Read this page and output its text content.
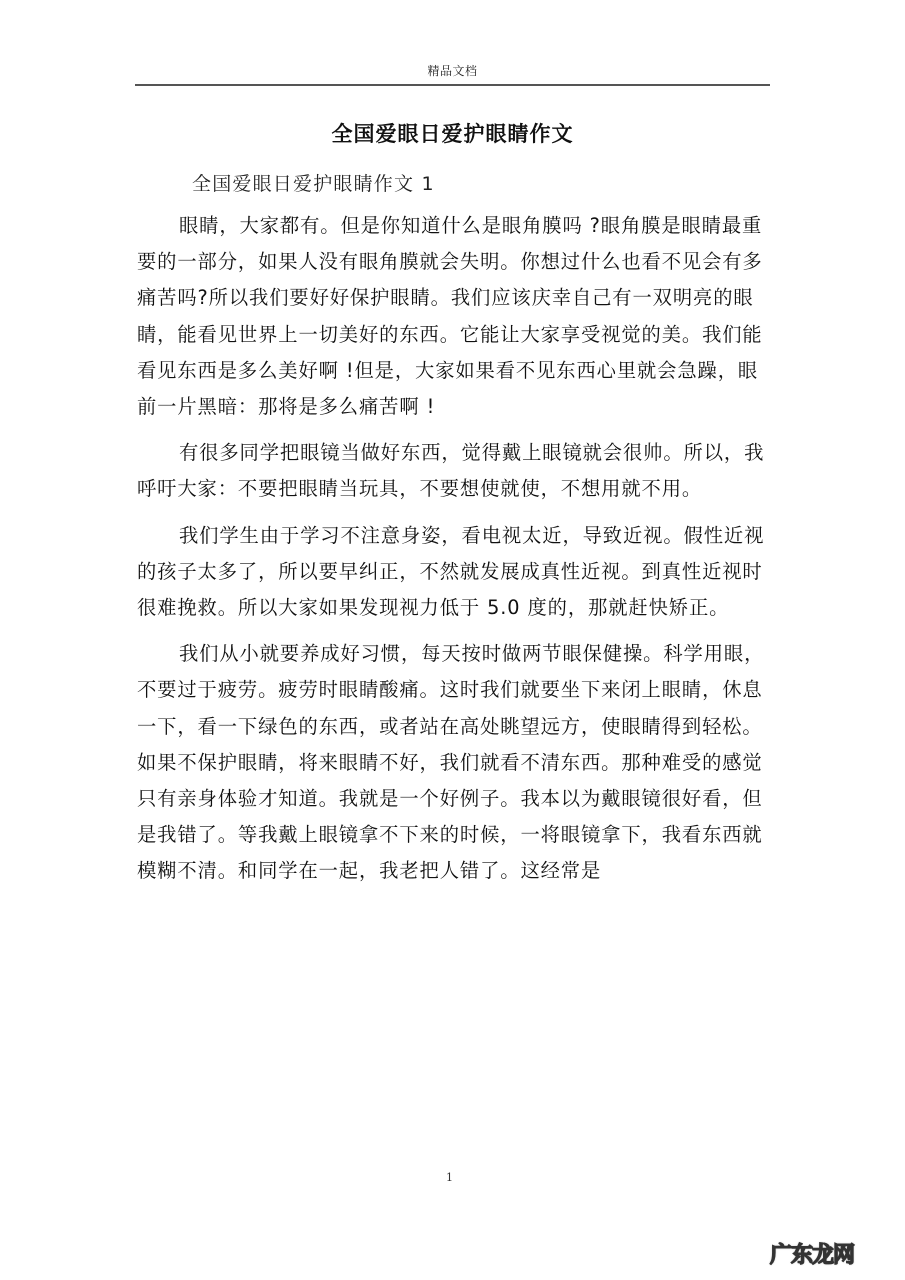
精品文档
全国爱眼日爱护眼睛作文
全国爱眼日爱护眼睛作文 1

眼睛，大家都有。但是你知道什么是眼角膜吗 ?眼角膜是眼睛最重要的一部分，如果人没有眼角膜就会失明。你想过什么也看不见会有多痛苦吗?所以我们要好好保护眼睛。我们应该庆幸自己有一双明亮的眼睛，能看见世界上一切美好的东西。它能让大家享受视觉的美。我们能看见东西是多么美好啊 !但是，大家如果看不见东西心里就会急躁，眼前一片黑暗：那将是多么痛苦啊 !

有很多同学把眼镜当做好东西，觉得戴上眼镜就会很帅。所以，我呼吁大家：不要把眼睛当玩具，不要想使就使，不想用就不用。

我们学生由于学习不注意身姿，看电视太近，导致近视。假性近视的孩子太多了，所以要早纠正，不然就发展成真性近视。到真性近视时很难挽救。所以大家如果发现视力低于 5.0 度的，那就赶快矫正。

我们从小就要养成好习惯，每天按时做两节眼保健操。科学用眼，不要过于疲劳。疲劳时眼睛酸痛。这时我们就要坐下来闭上眼睛，休息一下，看一下绿色的东西，或者站在高处眺望远方，使眼睛得到轻松。如果不保护眼睛，将来眼睛不好，我们就看不清东西。那种难受的感觉只有亲身体验才知道。我就是一个好例子。我本以为戴眼镜很好看，但是我错了。等我戴上眼镜拿不下来的时候，一将眼镜拿下，我看东西就模糊不清。和同学在一起，我老把人错了。这经常是

1
广东龙网
